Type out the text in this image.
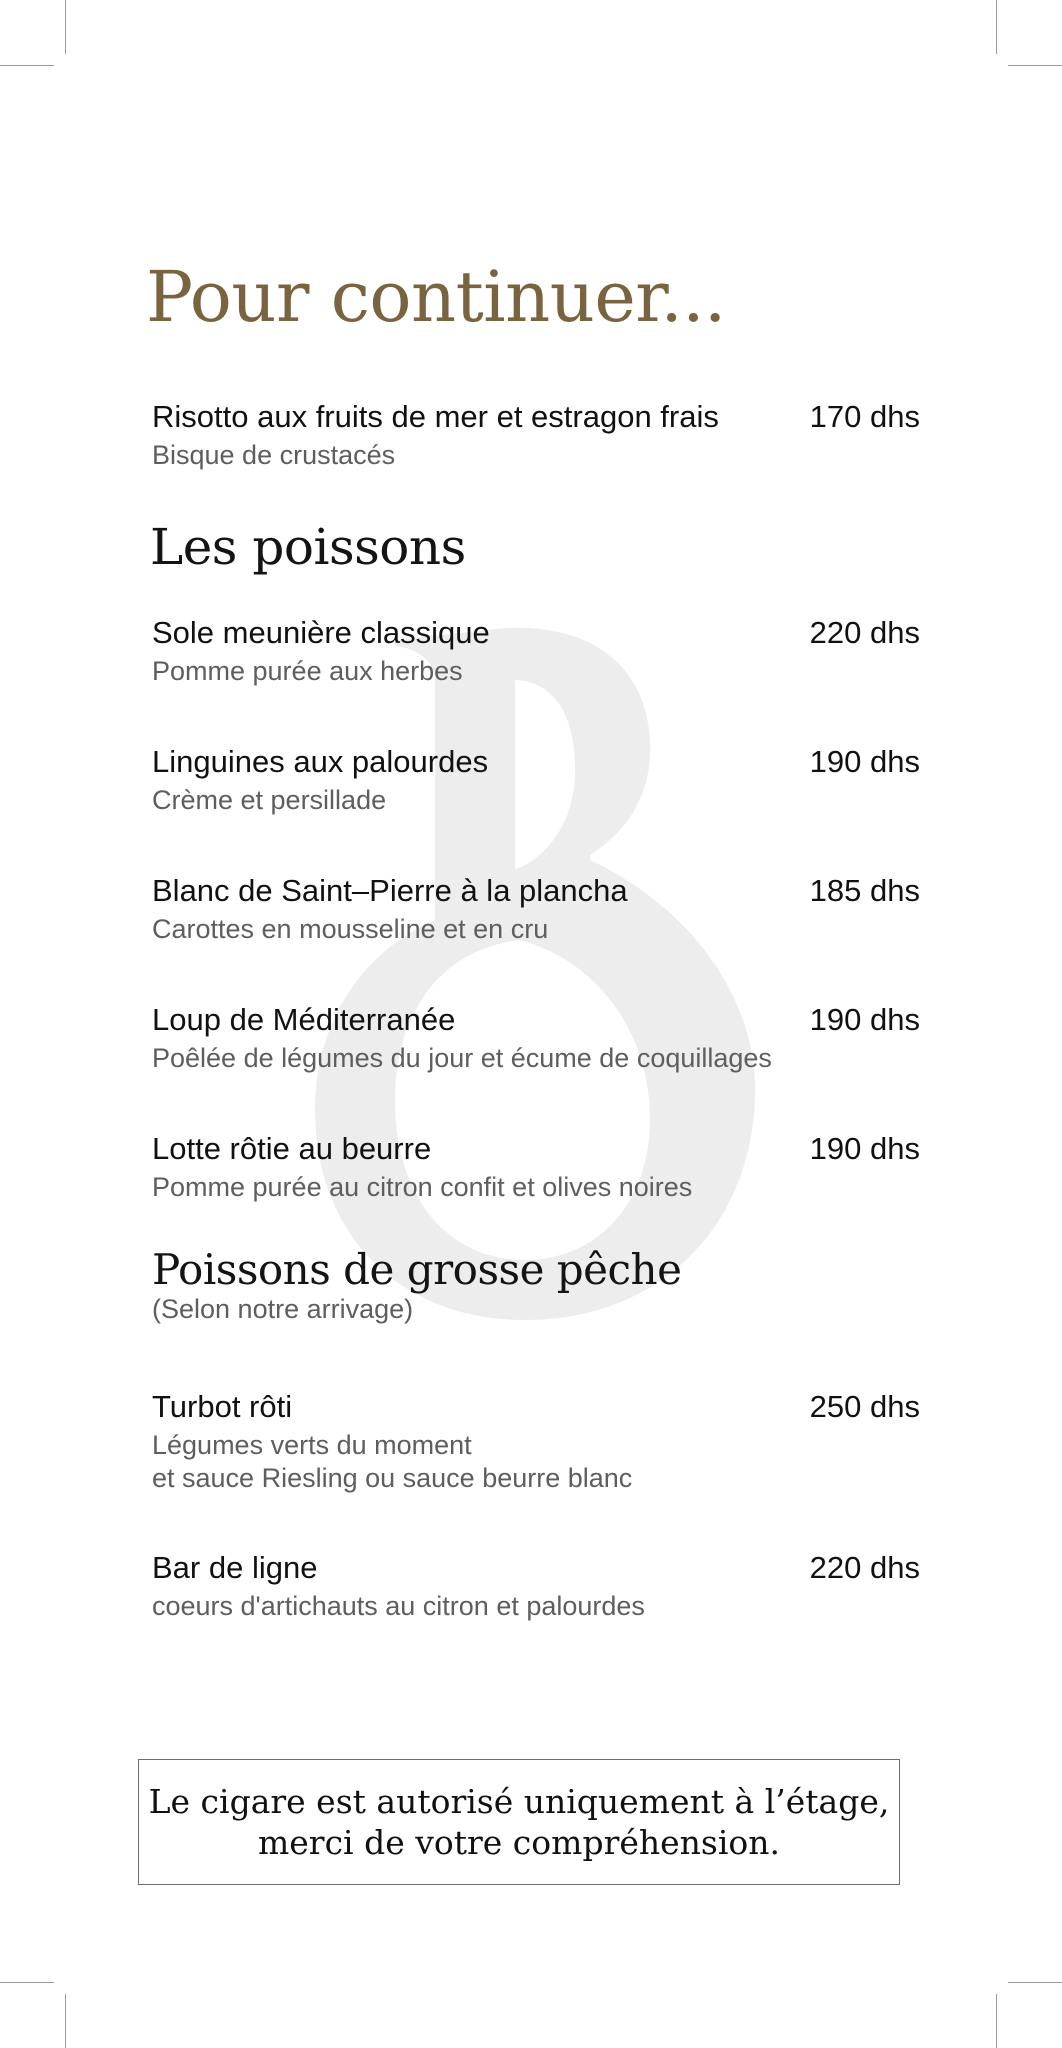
Pour continuer...
Risotto aux fruits de mer et estragon frais	170 dhs
Bisque de crustacés
Les poissons
Sole meunière classique	220 dhs
Pomme purée aux herbes
Linguines aux palourdes	190 dhs
Crème et persillade
Blanc de Saint–Pierre à la plancha	185 dhs
Carottes en mousseline et en cru
Loup de Méditerranée	190 dhs
Poêlée de légumes du jour et écume de coquillages
Lotte rôtie au beurre	190 dhs
Pomme purée au citron confit et olives noires
Poissons de grosse pêche
(Selon notre arrivage)
Turbot rôti	250 dhs
Légumes verts du moment
et sauce Riesling ou sauce beurre blanc
Bar de ligne	220 dhs
coeurs d'artichauts au citron et palourdes
Le cigare est autorisé uniquement à l’étage,
merci de votre compréhension.
